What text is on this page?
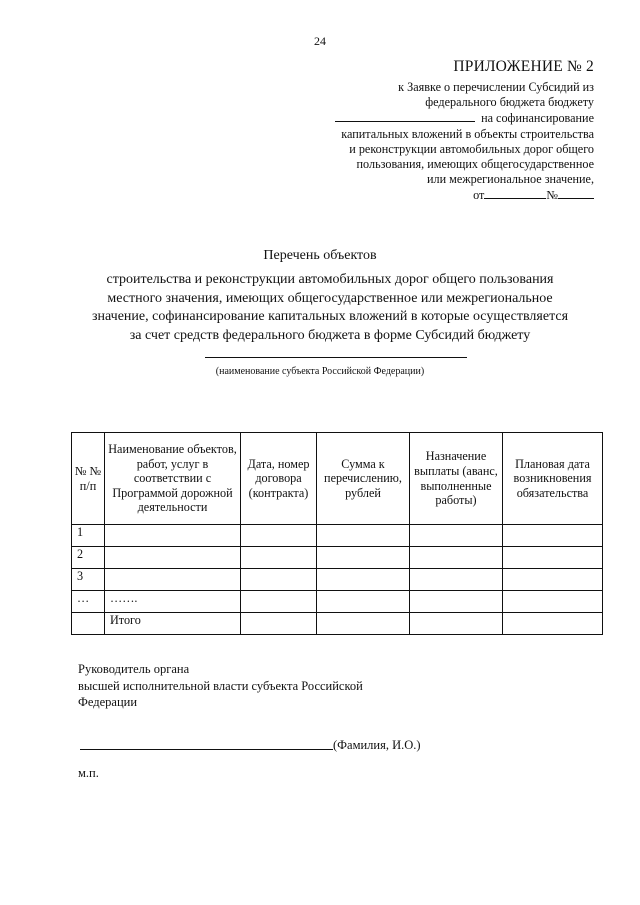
24
ПРИЛОЖЕНИЕ № 2
к Заявке о перечислении Субсидий из
федерального бюджета бюджету
на софинансирование
капитальных вложений в объекты строительства
и реконструкции автомобильных дорог общего
пользования, имеющих общегосударственное
или межрегиональное значение,
от	№
Перечень объектов
строительства и реконструкции автомобильных дорог общего пользования
местного значения, имеющих общегосударственное или межрегиональное
значение, софинансирование капитальных вложений в которые осуществляется
за счет средств федерального бюджета в форме Субсидий бюджету
(наименование субъекта Российской Федерации)
№ № п/п	Наименование объектов, работ, услуг в соответствии с Программой дорожной деятельности	Дата, номер договора (контракта)	Сумма к перечислению, рублей	Назначение выплаты (аванс, выполненные работы)	Плановая дата возникновения обязательства
1					
2					
3					
…	…….				
	Итого				
Руководитель органа
высшей исполнительной власти субъекта Российской
Федерации
(Фамилия, И.О.)
м.п.
